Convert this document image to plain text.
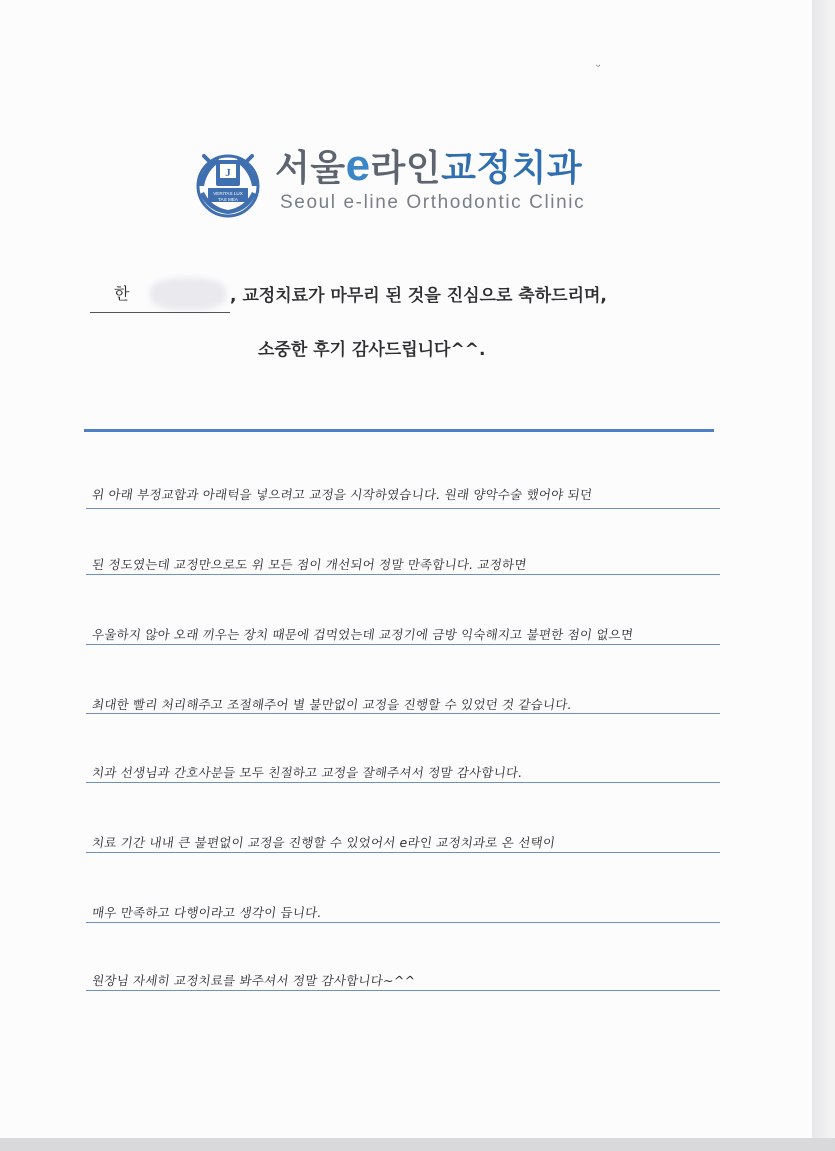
ᵕ
J
VERITAS LUX
TAS MEA
서울e라인교정치과
Seoul e-line Orthodontic Clinic
한	, 교정치료가 마무리 된 것을 진심으로 축하드리며,
소중한 후기 감사드립니다^^.
위 아래 부정교합과 아래턱을 넣으려고 교정을 시작하였습니다. 원래 양악수술 했어야 되던
된 정도였는데 교정만으로도 위 모든 점이 개선되어 정말 만족합니다. 교정하면
우울하지 않아 오래 끼우는 장치 때문에 겁먹었는데 교정기에 금방 익숙해지고 불편한 점이 없으면
최대한 빨리 처리해주고 조절해주어 별 불만없이 교정을 진행할 수 있었던 것 같습니다.
치과 선생님과 간호사분들 모두 친절하고 교정을 잘해주셔서 정말 감사합니다.
치료 기간 내내 큰 불편없이 교정을 진행할 수 있었어서 e라인 교정치과로 온 선택이
매우 만족하고 다행이라고 생각이 듭니다.
원장님 자세히 교정치료를 봐주셔서 정말 감사합니다~^^
